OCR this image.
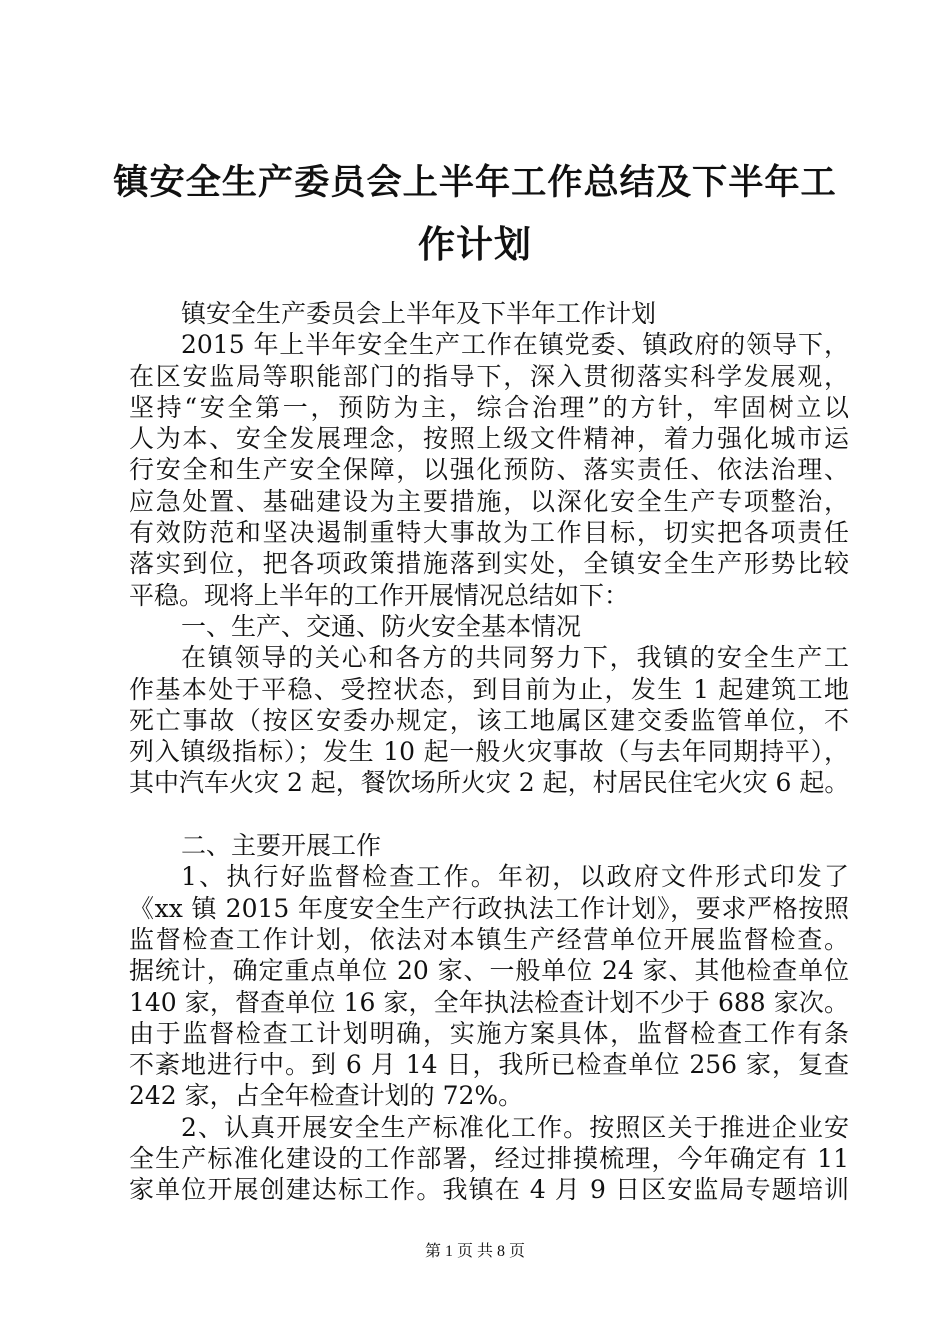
镇安全生产委员会上半年工作总结及下半年工
作计划
镇安全生产委员会上半年及下半年工作计划
2015 年上半年安全生产工作在镇党委、镇政府的领导下，
在区安监局等职能部门的指导下，深入贯彻落实科学发展观，
坚持“安全第一，预防为主，综合治理”的方针，牢固树立以
人为本、安全发展理念，按照上级文件精神，着力强化城市运
行安全和生产安全保障，以强化预防、落实责任、依法治理、
应急处置、基础建设为主要措施，以深化安全生产专项整治，
有效防范和坚决遏制重特大事故为工作目标，切实把各项责任
落实到位，把各项政策措施落到实处，全镇安全生产形势比较
平稳。现将上半年的工作开展情况总结如下：
一、生产、交通、防火安全基本情况
在镇领导的关心和各方的共同努力下，我镇的安全生产工
作基本处于平稳、受控状态，到目前为止，发生 1 起建筑工地
死亡事故（按区安委办规定，该工地属区建交委监管单位，不
列入镇级指标）；发生 10 起一般火灾事故（与去年同期持平），
其中汽车火灾 2 起，餐饮场所火灾 2 起，村居民住宅火灾 6 起。
二、主要开展工作
1、执行好监督检查工作。年初，以政府文件形式印发了
《xx 镇 2015 年度安全生产行政执法工作计划》，要求严格按照
监督检查工作计划，依法对本镇生产经营单位开展监督检查。
据统计，确定重点单位 20 家、一般单位 24 家、其他检查单位
140 家，督查单位 16 家，全年执法检查计划不少于 688 家次。
由于监督检查工计划明确，实施方案具体，监督检查工作有条
不紊地进行中。到 6 月 14 日，我所已检查单位 256 家，复查
242 家，占全年检查计划的 72%。
2、认真开展安全生产标准化工作。按照区关于推进企业安
全生产标准化建设的工作部署，经过排摸梳理，今年确定有 11
家单位开展创建达标工作。我镇在 4 月 9 日区安监局专题培训
第 1 页 共 8 页
